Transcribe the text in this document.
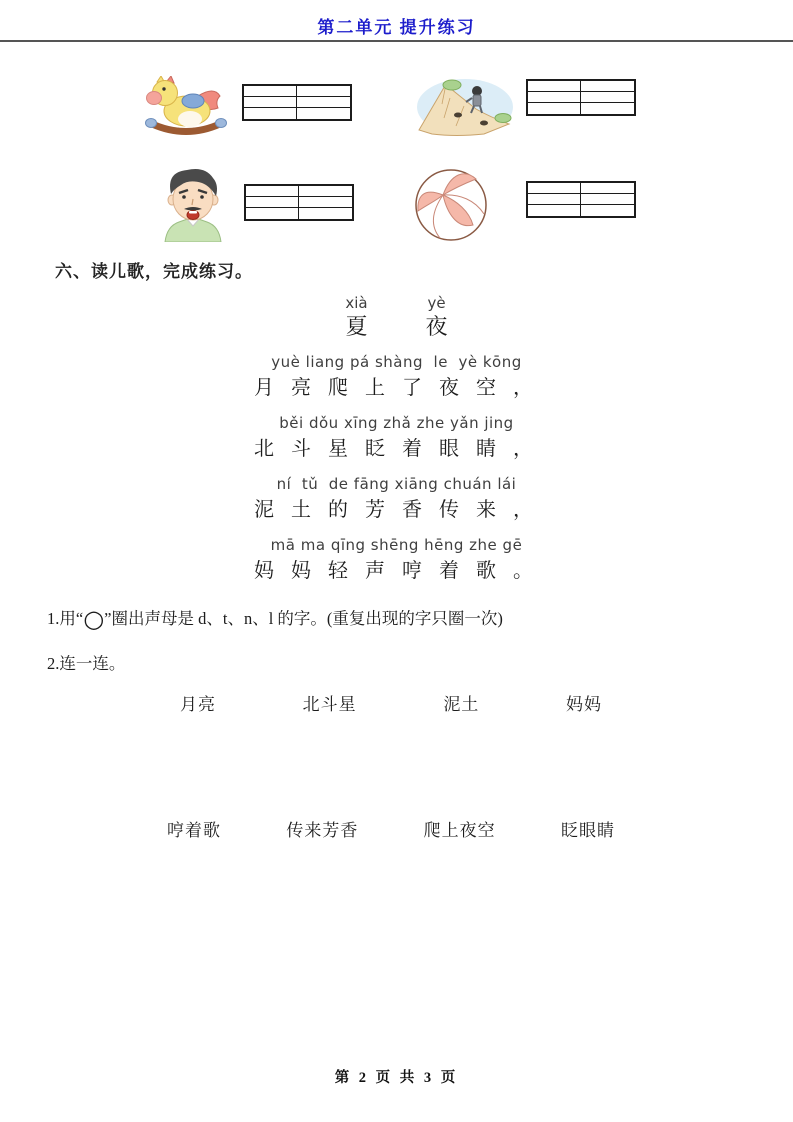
第二单元 提升练习
六、读儿歌，完成练习。
xià
夏

yè
夜
yuè liang pá shàng  le  yè kōng
月 亮 爬 上 了 夜 空 ，
běi dǒu xīng zhǎ zhe yǎn jing
北 斗 星 眨 着 眼 睛 ，
ní  tǔ  de fāng xiāng chuán lái
泥 土 的 芳 香 传 来 ，
mā ma qīng shēng hēng zhe gē
妈 妈 轻 声 哼 着 歌 。
1.用“○”圈出声母是 d、t、n、l 的字。(重复出现的字只圈一次)
2.连一连。
月亮	北斗星	泥土	妈妈
哼着歌	传来芳香	爬上夜空	眨眼睛
第 2 页 共 3 页
